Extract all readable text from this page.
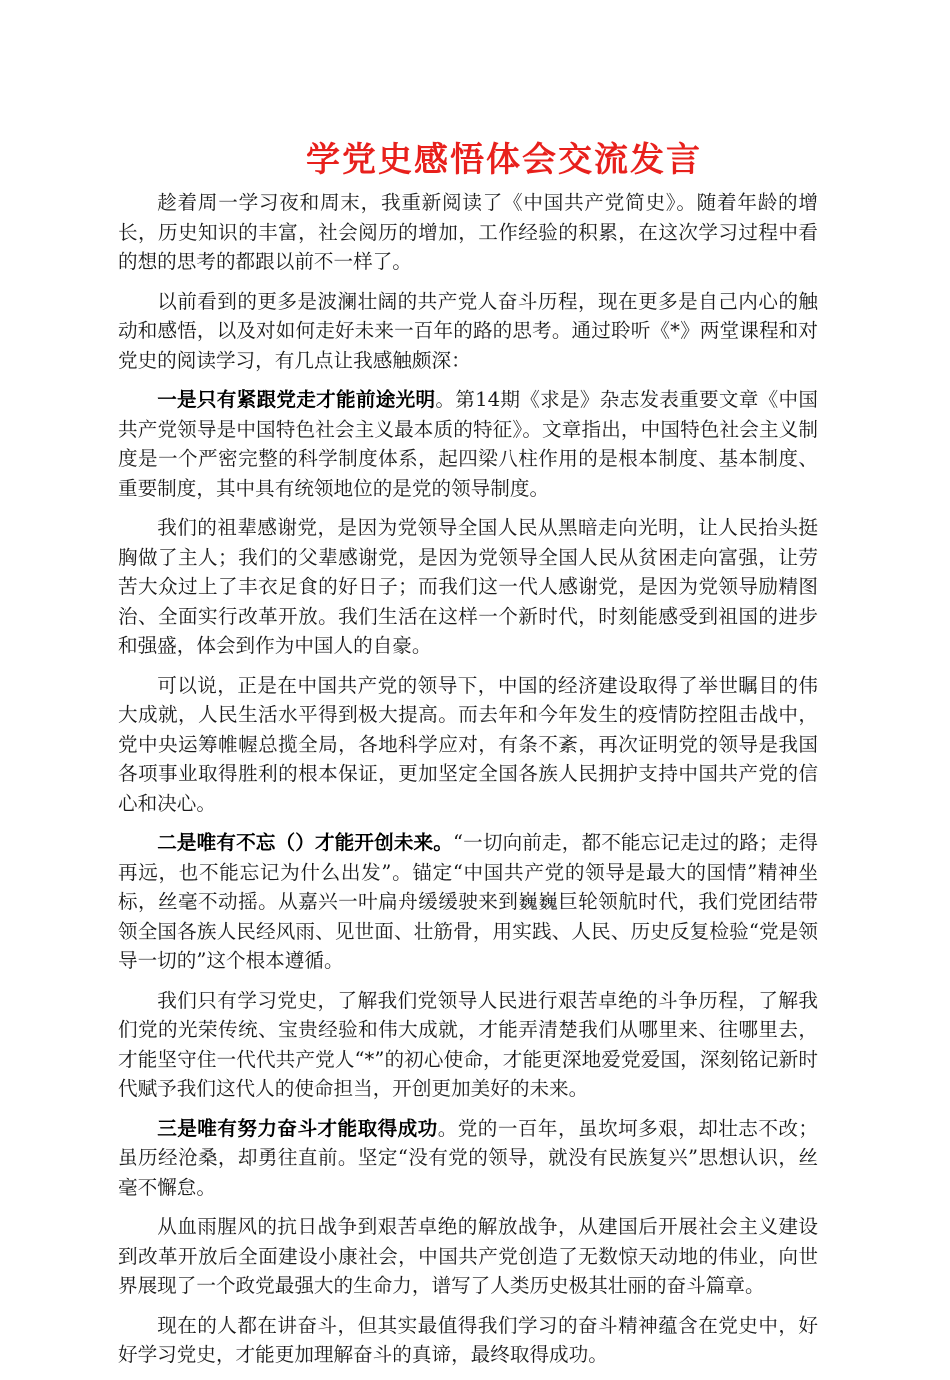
学党史感悟体会交流发言

趁着周一学习夜和周末，我重新阅读了《中国共产党简史》。随着年龄的增长，历史知识的丰富，社会阅历的增加，工作经验的积累，在这次学习过程中看的想的思考的都跟以前不一样了。

以前看到的更多是波澜壮阔的共产党人奋斗历程，现在更多是自己内心的触动和感悟，以及对如何走好未来一百年的路的思考。通过聆听《*》两堂课程和对党史的阅读学习，有几点让我感触颇深：

一是只有紧跟党走才能前途光明。第14期《求是》杂志发表重要文章《中国共产党领导是中国特色社会主义最本质的特征》。文章指出，中国特色社会主义制度是一个严密完整的科学制度体系，起四梁八柱作用的是根本制度、基本制度、重要制度，其中具有统领地位的是党的领导制度。

我们的祖辈感谢党，是因为党领导全国人民从黑暗走向光明，让人民抬头挺胸做了主人；我们的父辈感谢党，是因为党领导全国人民从贫困走向富强，让劳苦大众过上了丰衣足食的好日子；而我们这一代人感谢党，是因为党领导励精图治、全面实行改革开放。我们生活在这样一个新时代，时刻能感受到祖国的进步和强盛，体会到作为中国人的自豪。

可以说，正是在中国共产党的领导下，中国的经济建设取得了举世瞩目的伟大成就，人民生活水平得到极大提高。而去年和今年发生的疫情防控阻击战中，党中央运筹帷幄总揽全局，各地科学应对，有条不紊，再次证明党的领导是我国各项事业取得胜利的根本保证，更加坚定全国各族人民拥护支持中国共产党的信心和决心。

二是唯有不忘（）才能开创未来。“一切向前走，都不能忘记走过的路；走得再远，也不能忘记为什么出发”。锚定“中国共产党的领导是最大的国情”精神坐标，丝毫不动摇。从嘉兴一叶扁舟缓缓驶来到巍巍巨轮领航时代，我们党团结带领全国各族人民经风雨、见世面、壮筋骨，用实践、人民、历史反复检验“党是领导一切的”这个根本遵循。

我们只有学习党史，了解我们党领导人民进行艰苦卓绝的斗争历程，了解我们党的光荣传统、宝贵经验和伟大成就，才能弄清楚我们从哪里来、往哪里去，才能坚守住一代代共产党人“*”的初心使命，才能更深地爱党爱国，深刻铭记新时代赋予我们这代人的使命担当，开创更加美好的未来。

三是唯有努力奋斗才能取得成功。党的一百年，虽坎坷多艰，却壮志不改；虽历经沧桑，却勇往直前。坚定“没有党的领导，就没有民族复兴”思想认识，丝毫不懈怠。

从血雨腥风的抗日战争到艰苦卓绝的解放战争，从建国后开展社会主义建设到改革开放后全面建设小康社会，中国共产党创造了无数惊天动地的伟业，向世界展现了一个政党最强大的生命力，谱写了人类历史极其壮丽的奋斗篇章。

现在的人都在讲奋斗，但其实最值得我们学习的奋斗精神蕴含在党史中，好好学习党史，才能更加理解奋斗的真谛，最终取得成功。
